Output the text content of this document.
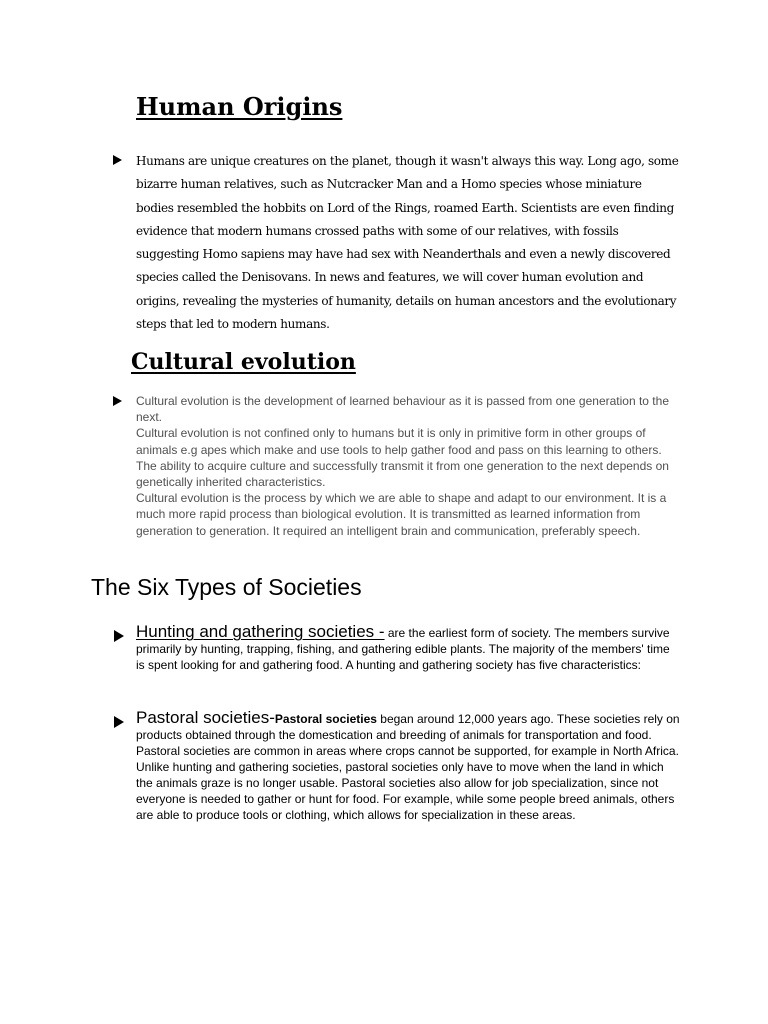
Human Origins

Humans are unique creatures on the planet, though it wasn't always this way. Long ago, some bizarre human relatives, such as Nutcracker Man and a Homo species whose miniature bodies resembled the hobbits on Lord of the Rings, roamed Earth. Scientists are even finding evidence that modern humans crossed paths with some of our relatives, with fossils suggesting Homo sapiens may have had sex with Neanderthals and even a newly discovered species called the Denisovans. In news and features, we will cover human evolution and origins, revealing the mysteries of humanity, details on human ancestors and the evolutionary steps that led to modern humans.

Cultural evolution
Cultural evolution is the development of learned behaviour as it is passed from one generation to the next.
Cultural evolution is not confined only to humans but it is only in primitive form in other groups of animals e.g apes which make and use tools to help gather food and pass on this learning to others. The ability to acquire culture and successfully transmit it from one generation to the next depends on genetically inherited characteristics.
Cultural evolution is the process by which we are able to shape and adapt to our environment. It is a much more rapid process than biological evolution. It is transmitted as learned information from generation to generation. It required an intelligent brain and communication, preferably speech.
The Six Types of Societies

Hunting and gathering societies - are the earliest form of society. The members survive primarily by hunting, trapping, fishing, and gathering edible plants. The majority of the members' time is spent looking for and gathering food. A hunting and gathering society has five characteristics:

Pastoral societies-Pastoral societies began around 12,000 years ago. These societies rely on products obtained through the domestication and breeding of animals for transportation and food. Pastoral societies are common in areas where crops cannot be supported, for example in North Africa. Unlike hunting and gathering societies, pastoral societies only have to move when the land in which the animals graze is no longer usable. Pastoral societies also allow for job specialization, since not everyone is needed to gather or hunt for food. For example, while some people breed animals, others are able to produce tools or clothing, which allows for specialization in these areas.
